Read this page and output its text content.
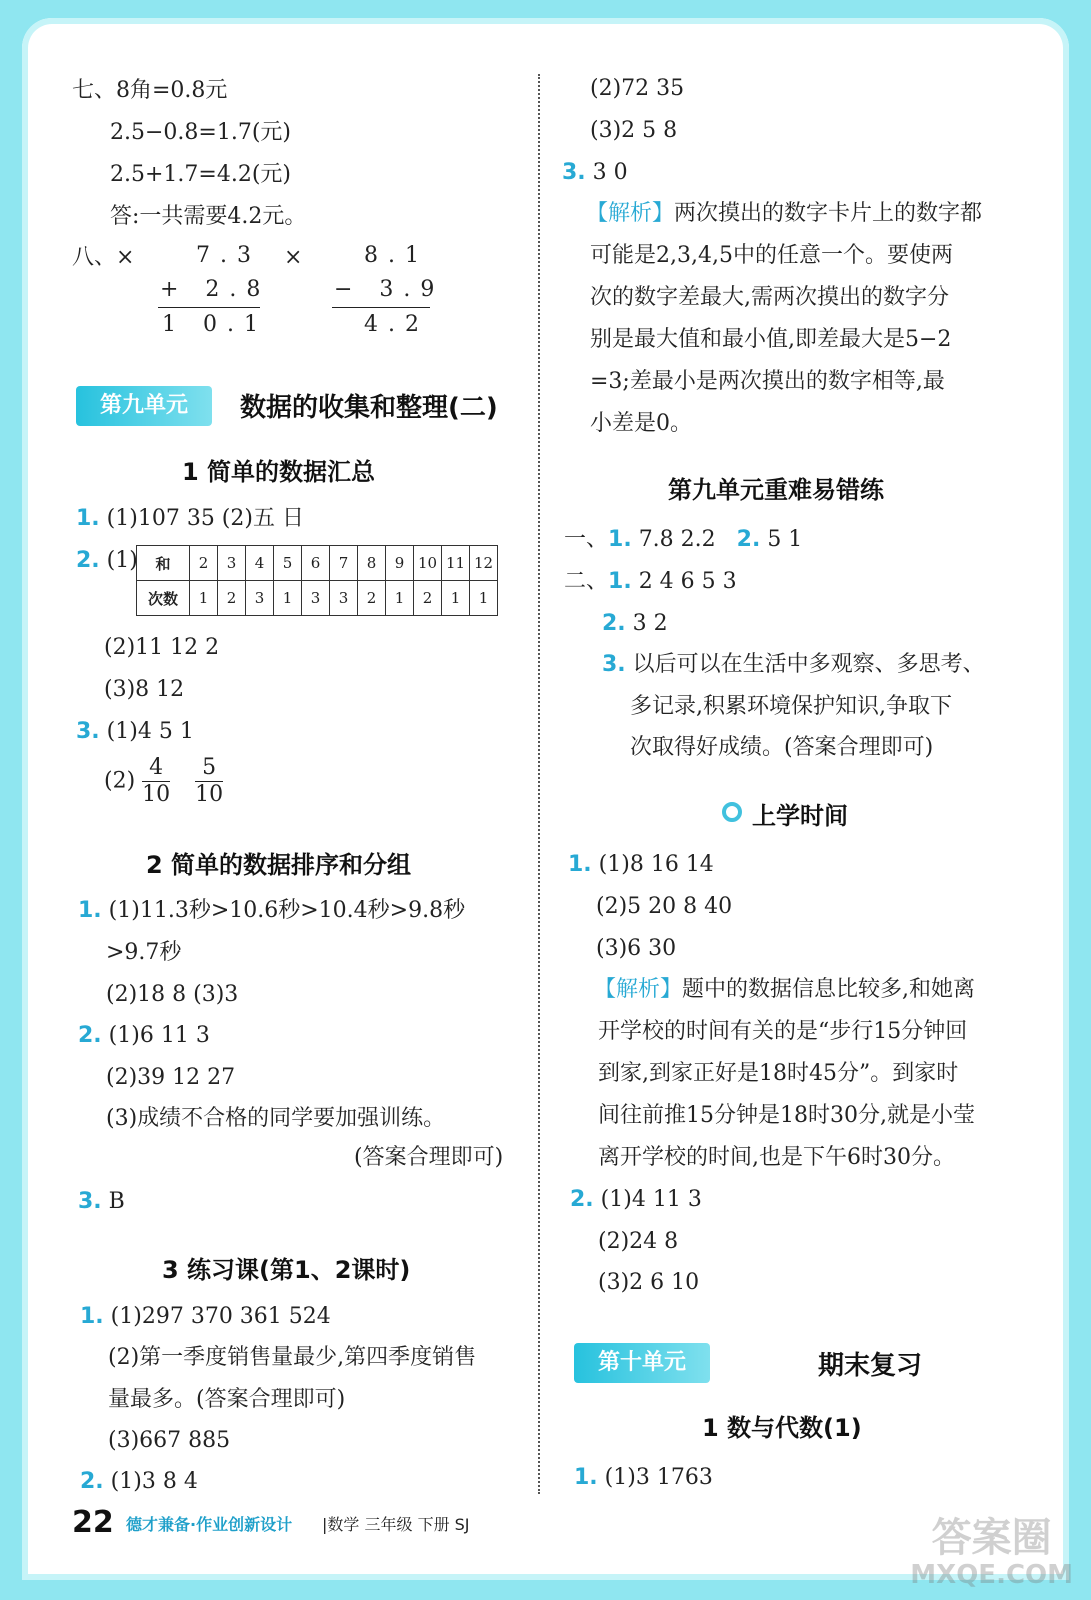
七、8角=0.8元
2.5−0.8=1.7(元)
2.5+1.7=4.2(元)
答:一共需要4.2元。
八、×	7.3
+ 2.8
1 0.1
×	8.1
− 3.9
4.2
第九单元	数据的收集和整理(二)
1 简单的数据汇总
1. (1)107 35 (2)五 日
2. (1) 和	2	3	4	5	6	7	8	9	10	11	12
次数	1	2	3	1	3	3	2	1	2	1	1
(2)11 12 2
(3)8 12
3. (1)4 5 1
$(2) \frac{4}{10}$
$\frac{5}{10}$
2 简单的数据排序和分组
1. (1)11.3秒>10.6秒>10.4秒>9.8秒
>9.7秒
(2)18 8 (3)3
2. (1)6 11 3
(2)39 12 27
(3)成绩不合格的同学要加强训练。
(答案合理即可)
3. B
3 练习课(第1、2课时)
1. (1)297 370 361 524
(2)第一季度销售量最少,第四季度销售
量最多。(答案合理即可)
(3)667 885
2. (1)3 8 4
(2)72 35
(3)2 5 8
3. 3 0
【解析】两次摸出的数字卡片上的数字都
可能是2,3,4,5中的任意一个。要使两
次的数字差最大,需两次摸出的数字分
别是最大值和最小值,即差最大是5−2
=3;差最小是两次摸出的数字相等,最
小差是0。
第九单元重难易错练
一、1. 7.8 2.2 2. 5 1
二、1. 2 4 6 5 3
2. 3 2
3. 以后可以在生活中多观察、多思考、
多记录,积累环境保护知识,争取下
次取得好成绩。(答案合理即可)
上学时间
1. (1)8 16 14
(2)5 20 8 40
(3)6 30
【解析】题中的数据信息比较多,和她离
开学校的时间有关的是“步行15分钟回
到家,到家正好是18时45分”。到家时
间往前推15分钟是18时30分,就是小莹
离开学校的时间,也是下午6时30分。
2. (1)4 11 3
(2)24 8
(3)2 6 10
第十单元	期末复习
1 数与代数(1)
1. (1)3 1763
22 德才兼备·作业创新设计 |数学 三年级 下册 SJ	答案圈
MXQE.COM
